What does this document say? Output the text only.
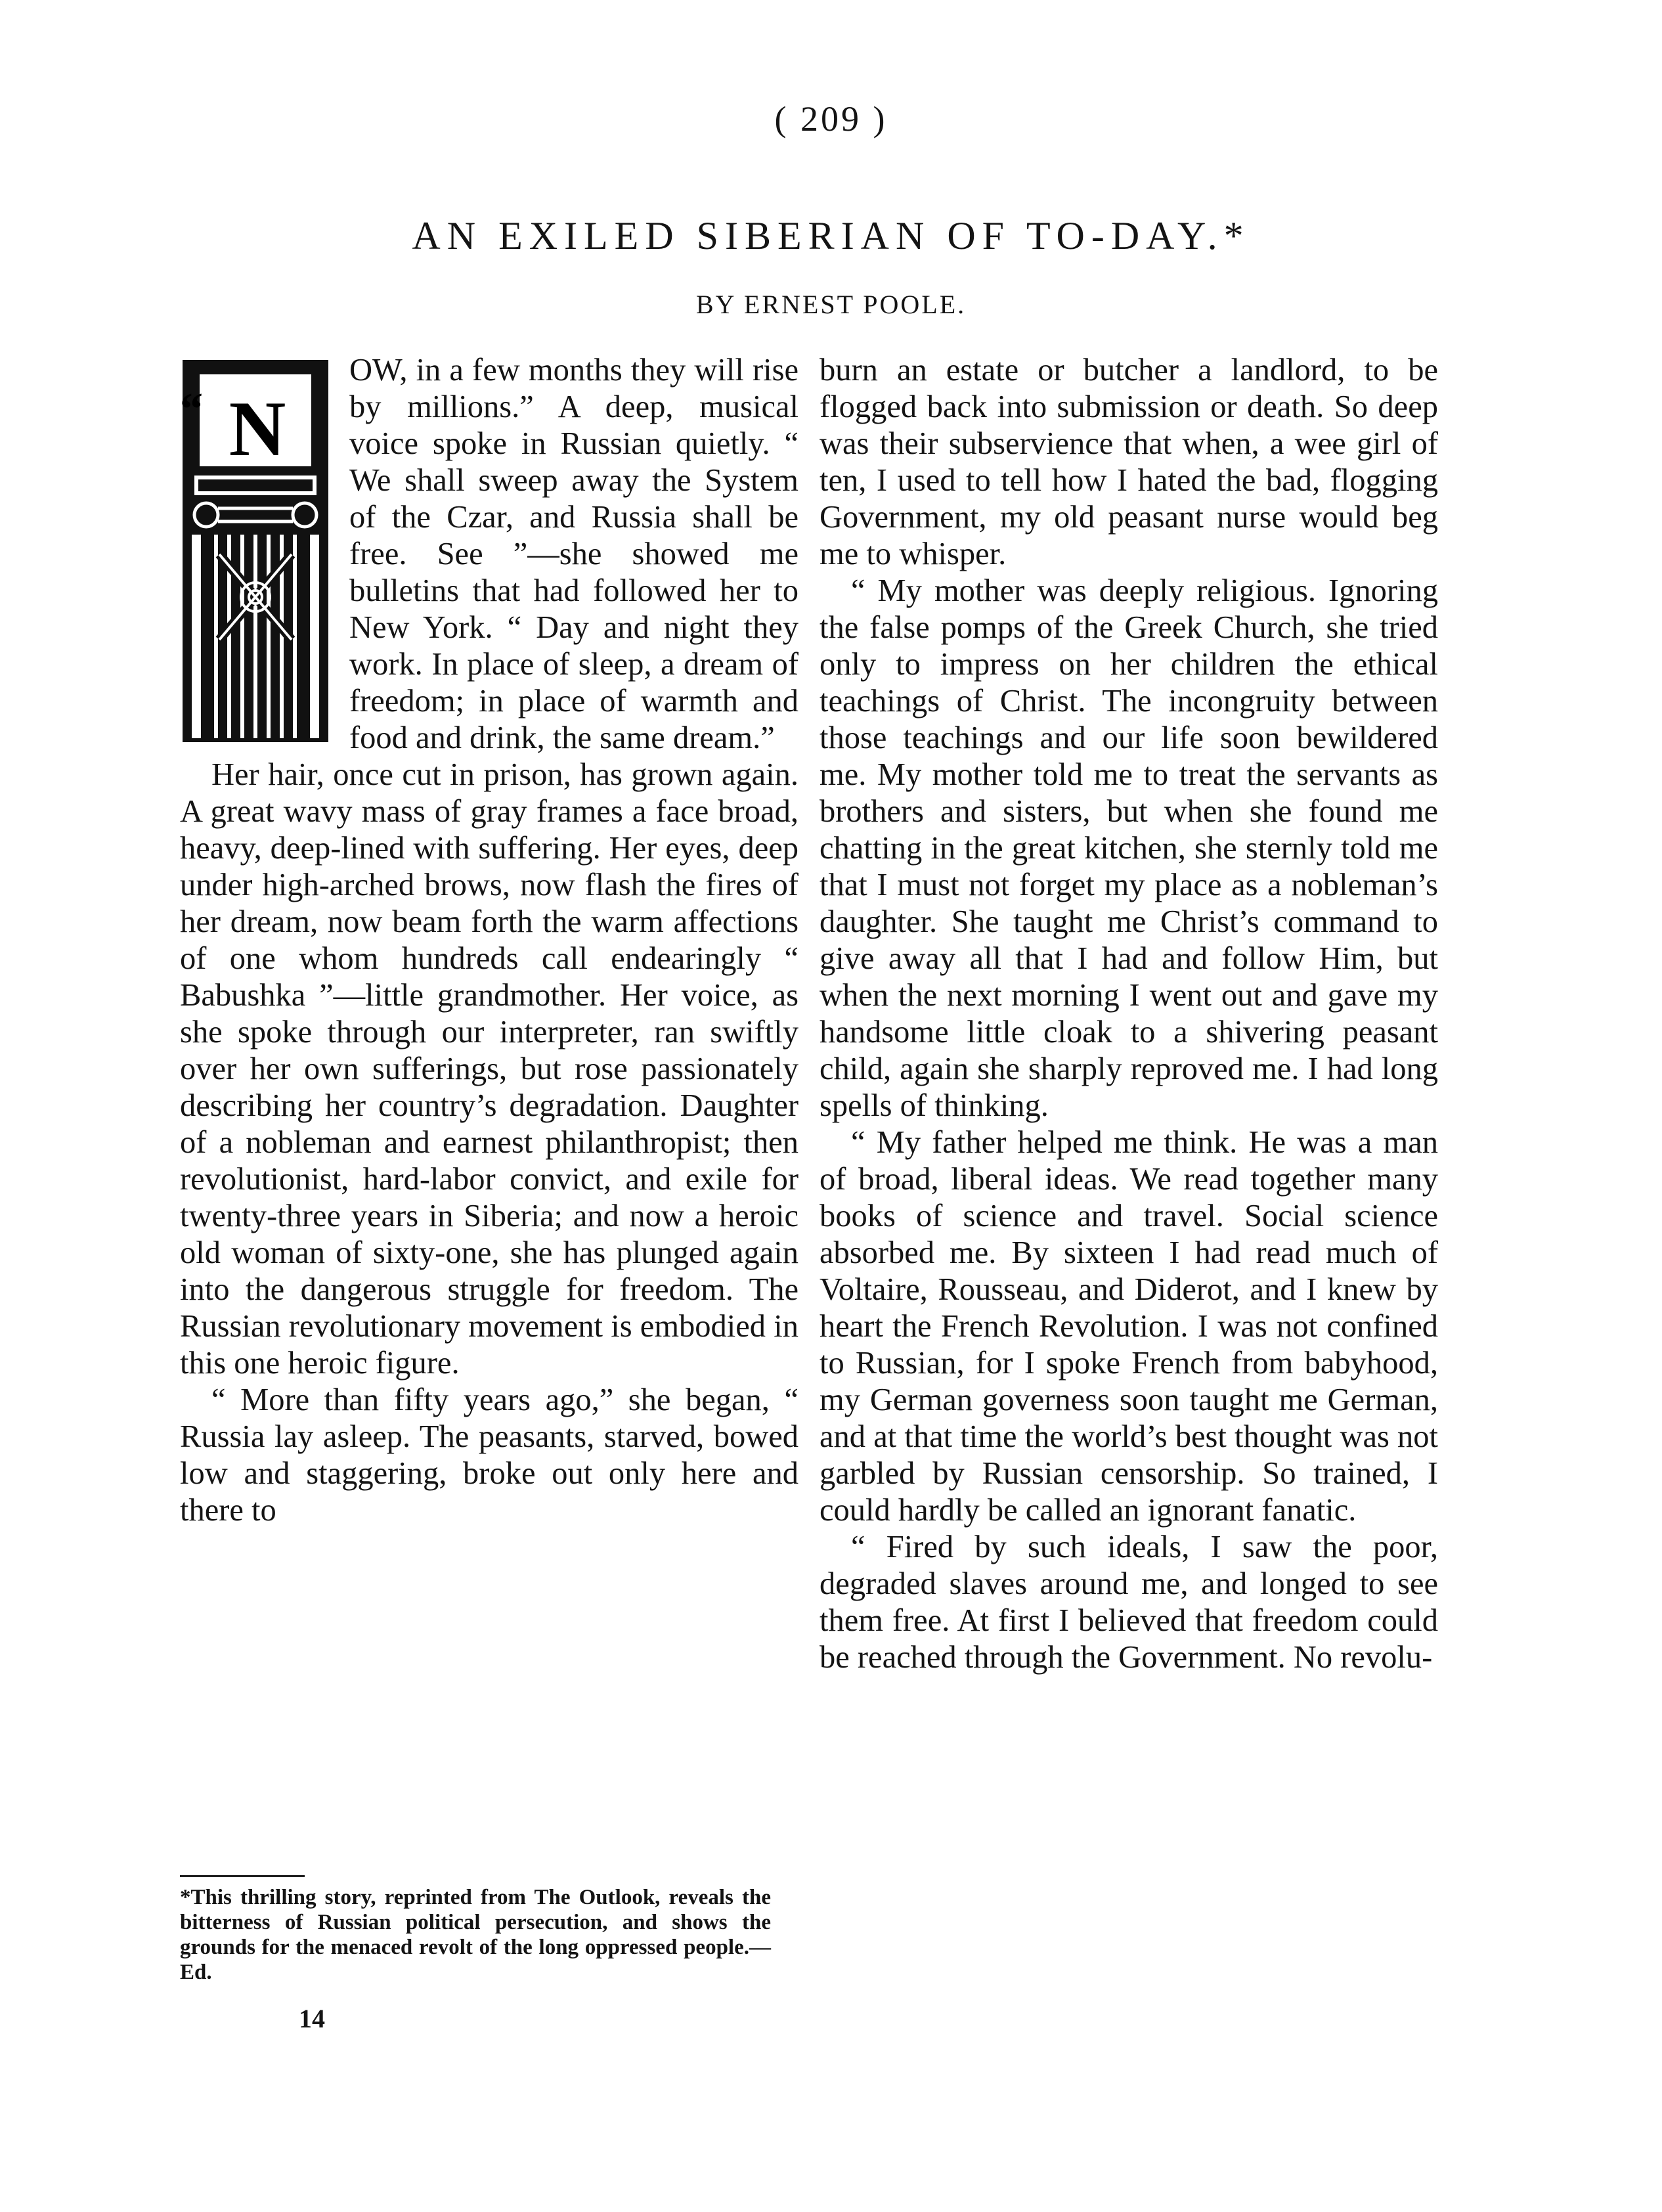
( 209 )
AN EXILED SIBERIAN OF TO-DAY.*
BY ERNEST POOLE.
“ N

OW, in a few months they will rise by millions.” A deep, musical voice spoke in Russian quietly. “ We shall sweep away the System of the Czar, and Russia shall be free. See ”—she showed me bulletins that had followed her to New York. “ Day and night they work. In place of sleep, a dream of freedom; in place of warmth and food and drink, the same dream.”

Her hair, once cut in prison, has grown again. A great wavy mass of gray frames a face broad, heavy, deep-lined with suffering. Her eyes, deep under high-arched brows, now flash the fires of her dream, now beam forth the warm affections of one whom hundreds call endearingly “ Babushka ”—little grandmother. Her voice, as she spoke through our interpreter, ran swiftly over her own sufferings, but rose passionately describing her country’s degradation. Daughter of a nobleman and earnest philanthropist; then revolutionist, hard-labor convict, and exile for twenty-three years in Siberia; and now a heroic old woman of sixty-one, she has plunged again into the dangerous struggle for freedom. The Russian revolutionary movement is embodied in this one heroic figure.

“ More than fifty years ago,” she began, “ Russia lay asleep. The peasants, starved, bowed low and staggering, broke out only here and there to

burn an estate or butcher a landlord, to be flogged back into submission or death. So deep was their subservience that when, a wee girl of ten, I used to tell how I hated the bad, flogging Government, my old peasant nurse would beg me to whisper.

“ My mother was deeply religious. Ignoring the false pomps of the Greek Church, she tried only to impress on her children the ethical teachings of Christ. The incongruity between those teachings and our life soon bewildered me. My mother told me to treat the servants as brothers and sisters, but when she found me chatting in the great kitchen, she sternly told me that I must not forget my place as a nobleman’s daughter. She taught me Christ’s command to give away all that I had and follow Him, but when the next morning I went out and gave my handsome little cloak to a shivering peasant child, again she sharply reproved me. I had long spells of thinking.

“ My father helped me think. He was a man of broad, liberal ideas. We read together many books of science and travel. Social science absorbed me. By sixteen I had read much of Voltaire, Rousseau, and Diderot, and I knew by heart the French Revolution. I was not confined to Russian, for I spoke French from babyhood, my German governess soon taught me German, and at that time the world’s best thought was not garbled by Russian censorship. So trained, I could hardly be called an ignorant fanatic.

“ Fired by such ideals, I saw the poor, degraded slaves around me, and longed to see them free. At first I believed that freedom could be reached through the Government. No revolu-

*This thrilling story, reprinted from The Outlook, reveals the bitterness of Russian political persecution, and shows the grounds for the menaced revolt of the long oppressed people.—Ed.
14
